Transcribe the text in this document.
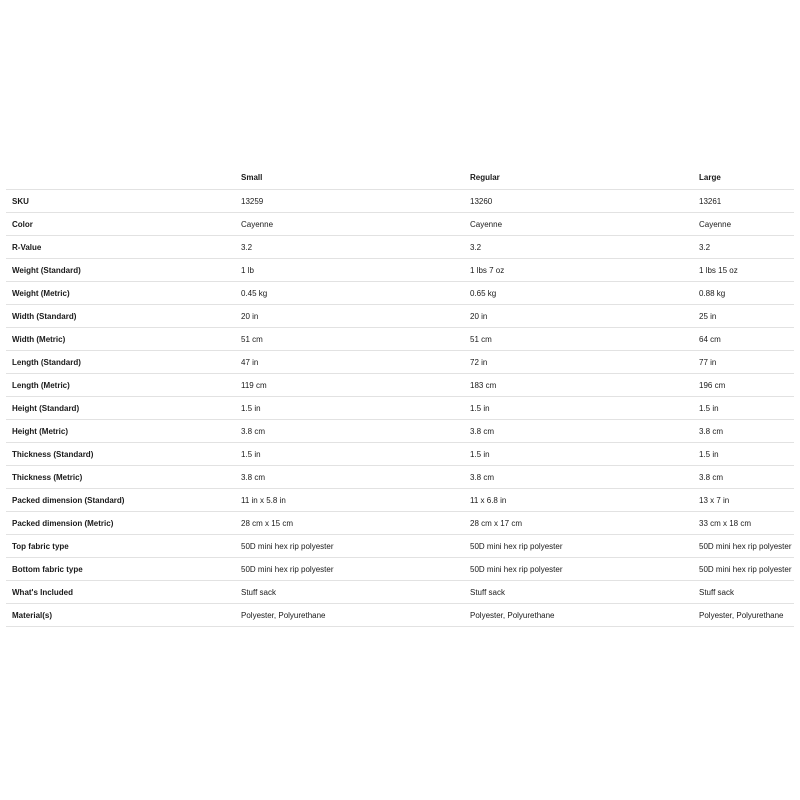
	Small	Regular	Large
SKU	13259	13260	13261
Color	Cayenne	Cayenne	Cayenne
R-Value	3.2	3.2	3.2
Weight (Standard)	1 lb	1 lbs 7 oz	1 lbs 15 oz
Weight (Metric)	0.45 kg	0.65 kg	0.88 kg
Width (Standard)	20 in	20 in	25 in
Width (Metric)	51 cm	51 cm	64 cm
Length (Standard)	47 in	72 in	77 in
Length (Metric)	119 cm	183 cm	196 cm
Height (Standard)	1.5 in	1.5 in	1.5 in
Height (Metric)	3.8 cm	3.8 cm	3.8 cm
Thickness (Standard)	1.5 in	1.5 in	1.5 in
Thickness (Metric)	3.8 cm	3.8 cm	3.8 cm
Packed dimension (Standard)	11 in x 5.8 in	11 x 6.8 in	13 x 7 in
Packed dimension (Metric)	28 cm x 15 cm	28 cm x 17 cm	33 cm x 18 cm
Top fabric type	50D mini hex rip polyester	50D mini hex rip polyester	50D mini hex rip polyester
Bottom fabric type	50D mini hex rip polyester	50D mini hex rip polyester	50D mini hex rip polyester
What's Included	Stuff sack	Stuff sack	Stuff sack
Material(s)	Polyester, Polyurethane	Polyester, Polyurethane	Polyester, Polyurethane
